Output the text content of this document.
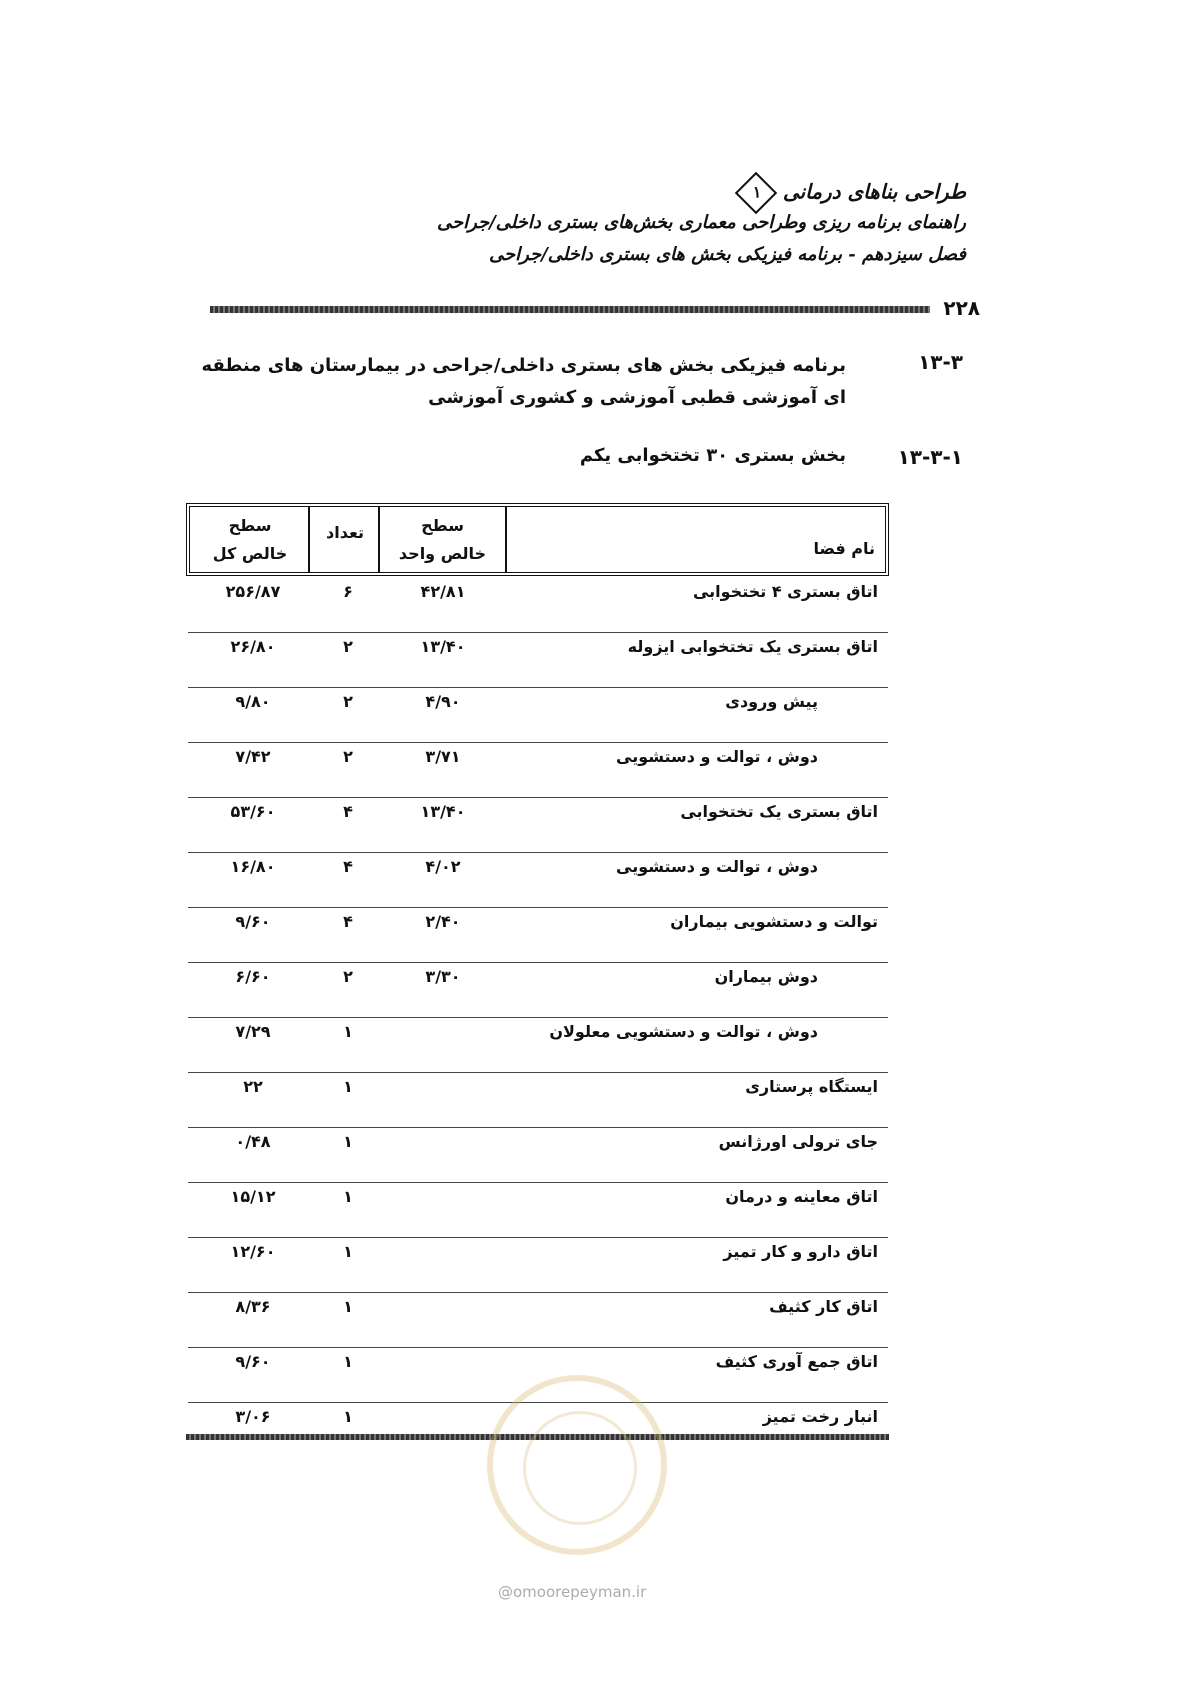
طراحی بناهای درمانی
۱
راهنمای برنامه ریزی وطراحی معماری بخش‌های بستری داخلی/جراحی
فصل سیزدهم - برنامه فیزیکی بخش های بستری داخلی/جراحی
۲۲۸
۱۳-۳
برنامه فیزیکی بخش های بستری داخلی/جراحی در بیمارستان های منطقه ای آموزشی قطبی آموزشی و کشوری آموزشی
۱۳-۳-۱
بخش بستری ۳۰ تختخوابی یکم
نام فضا
سطح
خالص واحد
تعداد
سطح
خالص کل
اتاق بستری ۴ تختخوابی
۴۲/۸۱
۶
۲۵۶/۸۷
اتاق بستری یک تختخوابی ایزوله
۱۳/۴۰
۲
۲۶/۸۰
پیش ورودی
۴/۹۰
۲
۹/۸۰
دوش ، توالت و دستشویی
۳/۷۱
۲
۷/۴۲
اتاق بستری یک تختخوابی
۱۳/۴۰
۴
۵۳/۶۰
دوش ، توالت و دستشویی
۴/۰۲
۴
۱۶/۸۰
توالت و دستشویی بیماران
۲/۴۰
۴
۹/۶۰
دوش بیماران
۳/۳۰
۲
۶/۶۰
دوش ، توالت و دستشویی معلولان
۱
۷/۲۹
ایستگاه پرستاری
۱
۲۲
جای ترولی اورژانس
۱
۰/۴۸
اتاق معاینه و درمان
۱
۱۵/۱۲
اتاق دارو و کار تمیز
۱
۱۲/۶۰
اتاق کار کثیف
۱
۸/۳۶
اتاق جمع آوری کثیف
۱
۹/۶۰
انبار رخت تمیز
۱
۳/۰۶
@omoorepeyman.ir
